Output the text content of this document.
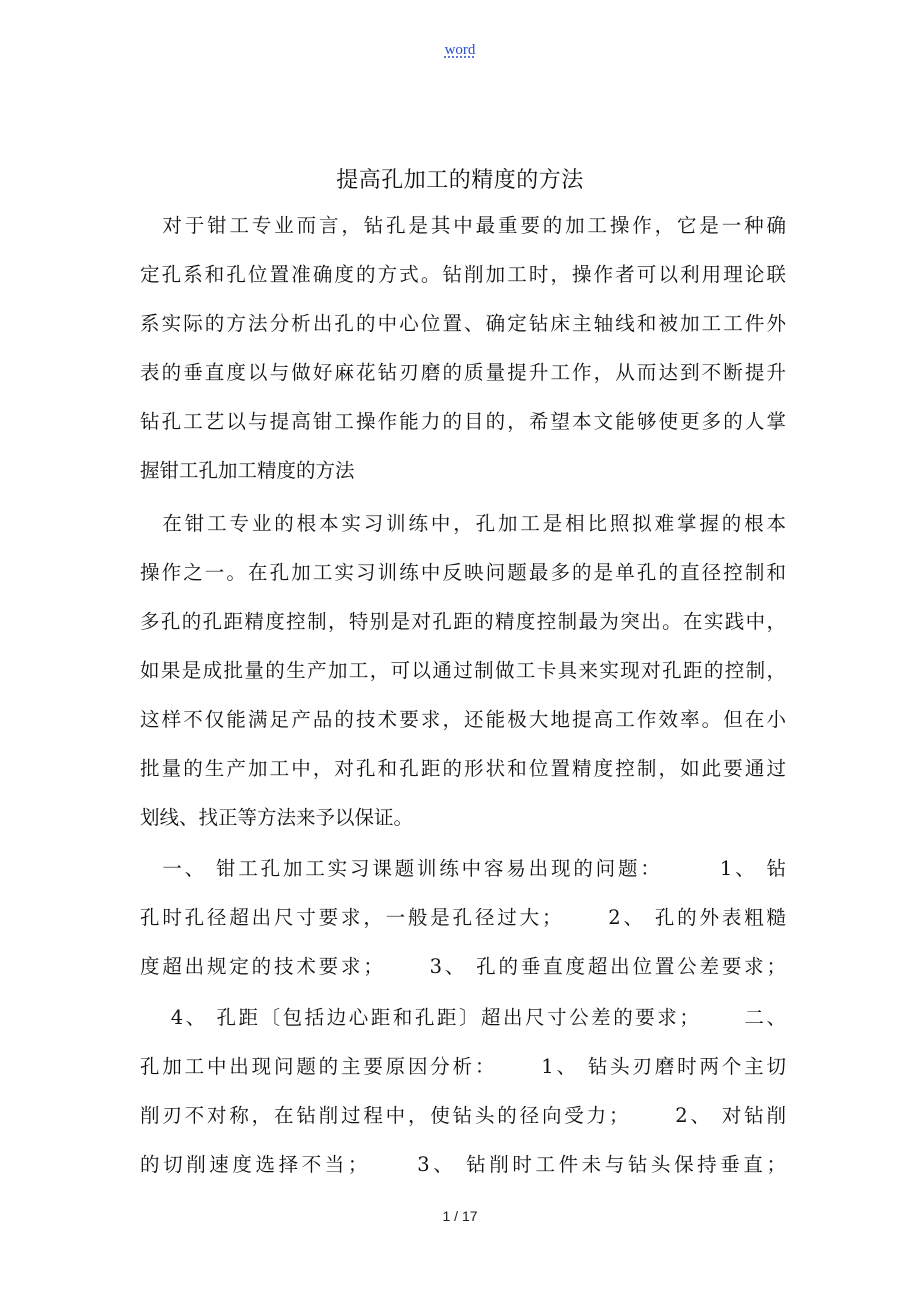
word
提高孔加工的精度的方法
　对于钳工专业而言，钻孔是其中最重要的加工操作，它是一种确
定孔系和孔位置准确度的方式。钻削加工时，操作者可以利用理论联
系实际的方法分析出孔的中心位置、确定钻床主轴线和被加工工件外
表的垂直度以与做好麻花钻刃磨的质量提升工作，从而达到不断提升
钻孔工艺以与提高钳工操作能力的目的，希望本文能够使更多的人掌
握钳工孔加工精度的方法
　在钳工专业的根本实习训练中，孔加工是相比照拟难掌握的根本
操作之一。在孔加工实习训练中反映问题最多的是单孔的直径控制和
多孔的孔距精度控制，特别是对孔距的精度控制最为突出。在实践中，
如果是成批量的生产加工，可以通过制做工卡具来实现对孔距的控制，
这样不仅能满足产品的技术要求，还能极大地提高工作效率。但在小
批量的生产加工中，对孔和孔距的形状和位置精度控制，如此要通过
划线、找正等方法来予以保证。
　一、 钳工孔加工实习课题训练中容易出现的问题：　　　1、 钻
孔时孔径超出尺寸要求，一般是孔径过大；　　 2、 孔的外表粗糙
度超出规定的技术要求；　　 3、 孔的垂直度超出位置公差要求；
　 4、 孔距〔包括边心距和孔距〕超出尺寸公差的要求；　　 二、
孔加工中出现问题的主要原因分析：　　 1、 钻头刃磨时两个主切
削刃不对称，在钻削过程中，使钻头的径向受力；　　 2、 对钻削
的切削速度选择不当；　　 3、 钻削时工件未与钻头保持垂直；
1 / 17
